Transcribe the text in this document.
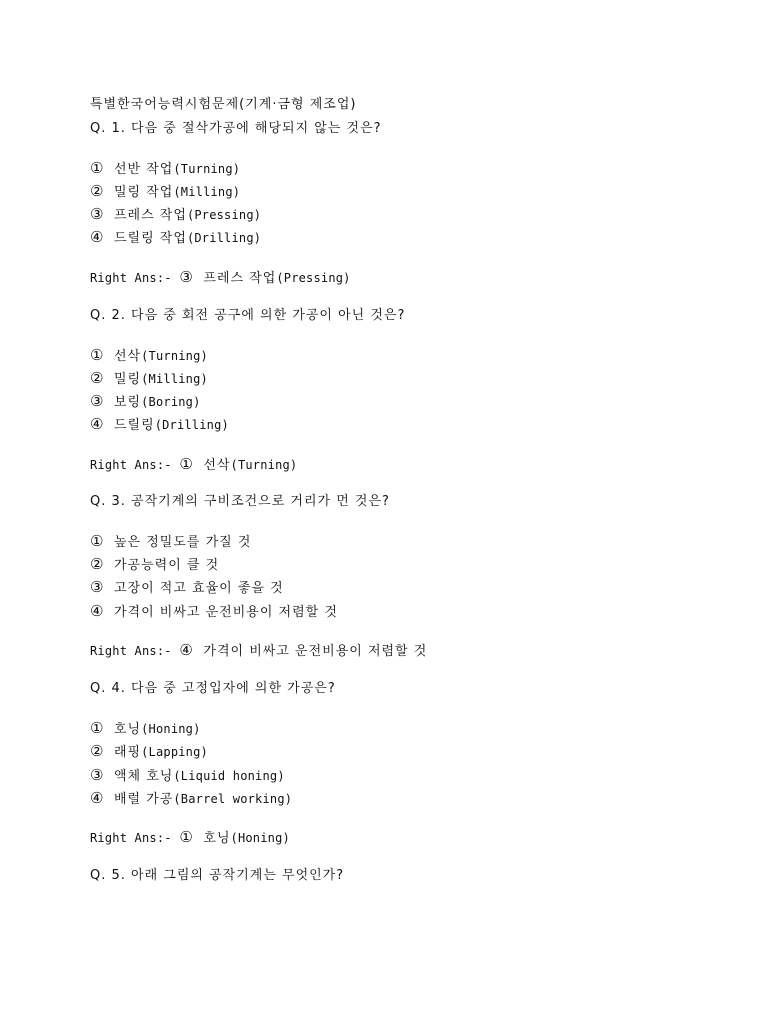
특별한국어능력시험문제(기계·금형 제조업)
Q. 1. 다음 중 절삭가공에 해당되지 않는 것은?
① 선반 작업(Turning)
② 밀링 작업(Milling)
③ 프레스 작업(Pressing)
④ 드릴링 작업(Drilling)
Right Ans:- ③ 프레스 작업(Pressing)
Q. 2. 다음 중 회전 공구에 의한 가공이 아닌 것은?
① 선삭(Turning)
② 밀링(Milling)
③ 보링(Boring)
④ 드릴링(Drilling)
Right Ans:- ① 선삭(Turning)
Q. 3. 공작기계의 구비조건으로 거리가 먼 것은?
① 높은 정밀도를 가질 것
② 가공능력이 클 것
③ 고장이 적고 효율이 좋을 것
④ 가격이 비싸고 운전비용이 저렴할 것
Right Ans:- ④ 가격이 비싸고 운전비용이 저렴할 것
Q. 4. 다음 중 고정입자에 의한 가공은?
① 호닝(Honing)
② 래핑(Lapping)
③ 액체 호닝(Liquid honing)
④ 배럴 가공(Barrel working)
Right Ans:- ① 호닝(Honing)
Q. 5. 아래 그림의 공작기계는 무엇인가?
